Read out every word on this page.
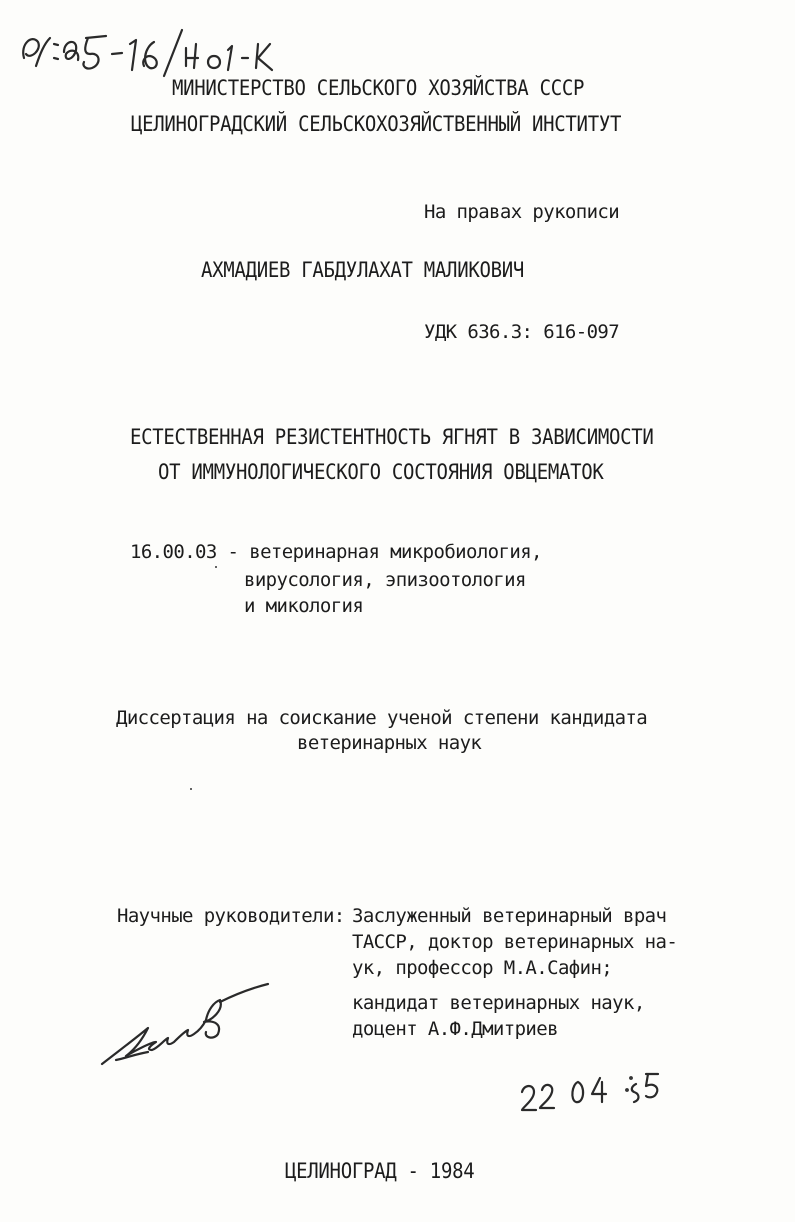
МИНИСТЕРСТВО СЕЛЬСКОГО ХОЗЯЙСТВА СССР
ЦЕЛИНОГРАДСКИЙ СЕЛЬСКОХОЗЯЙСТВЕННЫЙ ИНСТИТУТ
На правах рукописи
АХМАДИЕВ ГАБДУЛАХАТ МАЛИКОВИЧ
УДК 636.3: 616-097
ЕСТЕСТВЕННАЯ РЕЗИСТЕНТНОСТЬ ЯГНЯТ В ЗАВИСИМОСТИ
ОТ ИММУНОЛОГИЧЕСКОГО СОСТОЯНИЯ ОВЦЕМАТОК
16.00.03 - ветеринарная микробиология,
вирусология, эпизоотология
и микология
Диссертация на соискание ученой степени кандидата
ветеринарных наук
Научные руководители: Заслуженный ветеринарный врач
ТАССР, доктор ветеринарных на-
ук, профессор М.А.Сафин;
кандидат ветеринарных наук,
доцент А.Ф.Дмитриев
ЦЕЛИНОГРАД - 1984
